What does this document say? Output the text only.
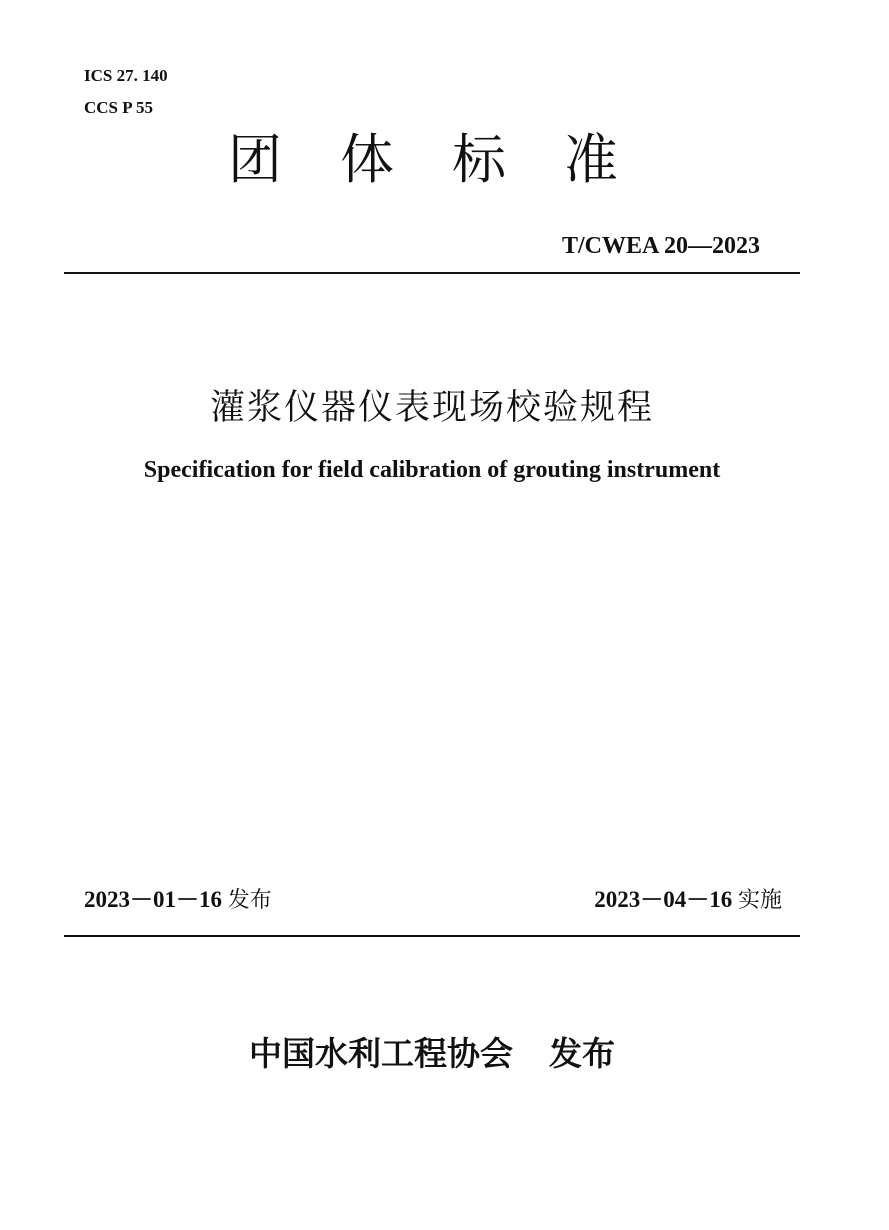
ICS 27. 140
CCS P 55
团体标准
T/CWEA 20—2023
灌浆仪器仪表现场校验规程
Specification for field calibration of grouting instrument
2023－01－16 发布	2023－04－16 实施
中国水利工程协会 发布
